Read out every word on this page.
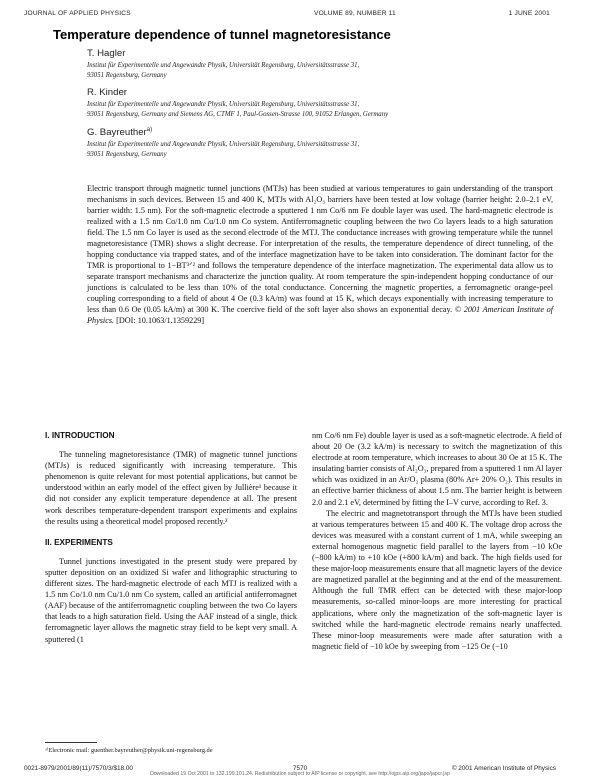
JOURNAL OF APPLIED PHYSICS	VOLUME 89, NUMBER 11	1 JUNE 2001
Temperature dependence of tunnel magnetoresistance
T. Hagler
Institut für Experimentelle und Angewandte Physik, Universität Regensburg, Universitätsstrasse 31,
93051 Regensburg, Germany
R. Kinder
Institut für Experimentelle und Angewandte Physik, Universität Regensburg, Universitätsstrasse 31,
93051 Regensburg, Germany and Siemens AG, CTMF 1, Paul-Gossen-Strasse 100, 91052 Erlangen, Germany
G. Bayreuther$^{a)}$
Institut für Experimentelle und Angewandte Physik, Universität Regensburg, Universitätsstrasse 31,
93051 Regensburg, Germany

Electric transport through magnetic tunnel junctions (MTJs) has been studied at various temperatures to gain understanding of the transport mechanisms in such devices. Between 15 and 400 K, MTJs with Al₂O₃ barriers have been tested at low voltage (barrier height: 2.0–2.1 eV, barrier width: 1.5 nm). For the soft-magnetic electrode a sputtered 1 nm Co/6 nm Fe double layer was used. The hard-magnetic electrode is realized with a 1.5 nm Co/1.0 nm Cu/1.0 nm Co system. Antiferromagnetic coupling between the two Co layers leads to a high saturation field. The 1.5 nm Co layer is used as the second electrode of the MTJ. The conductance increases with growing temperature while the tunnel magnetoresistance (TMR) shows a slight decrease. For interpretation of the results, the temperature dependence of direct tunneling, of the hopping conductance via trapped states, and of the interface magnetization have to be taken into consideration. The dominant factor for the TMR is proportional to 1−BT³ᐟ² and follows the temperature dependence of the interface magnetization. The experimental data allow us to separate transport mechanisms and characterize the junction quality. At room temperature the spin-independent hopping conductance of our junctions is calculated to be less than 10% of the total conductance. Concerning the magnetic properties, a ferromagnetic orange-peel coupling corresponding to a field of about 4 Oe (0.3 kA/m) was found at 15 K, which decays exponentially with increasing temperature to less than 0.6 Oe (0.05 kA/m) at 300 K. The coercive field of the soft layer also shows an exponential decay. © 2001 American Institute of Physics. [DOI: 10.1063/1.1359229]

I. INTRODUCTION

The tunneling magnetoresistance (TMR) of magnetic tunnel junctions (MTJs) is reduced significantly with increasing temperature. This phenomenon is quite relevant for most potential applications, but cannot be understood within an early model of the effect given by Jullière¹ because it did not consider any explicit temperature dependence at all. The present work describes temperature-dependent transport experiments and explains the results using a theoretical model proposed recently.²

II. EXPERIMENTS

Tunnel junctions investigated in the present study were prepared by sputter deposition on an oxidized Si wafer and lithographic structuring to different sizes. The hard-magnetic electrode of each MTJ is realized with a 1.5 nm Co/1.0 nm Cu/1.0 nm Co system, called an artificial antiferromagnet (AAF) because of the antiferromagnetic coupling between the two Co layers that leads to a high saturation field. Using the AAF instead of a single, thick ferromagnetic layer allows the magnetic stray field to be kept very small. A sputtered (1

nm Co/6 nm Fe) double layer is used as a soft-magnetic electrode. A field of about 20 Oe (3.2 kA/m) is necessary to switch the magnetization of this electrode at room temperature, which increases to about 30 Oe at 15 K. The insulating barrier consists of Al₂O₃, prepared from a sputtered 1 nm Al layer which was oxidized in an Ar/O₂ plasma (80% Ar+ 20% O₂). This results in an effective barrier thickness of about 1.5 nm. The barrier height is between 2.0 and 2.1 eV, determined by fitting the I–V curve, according to Ref. 3.

The electric and magnetotransport through the MTJs have been studied at various temperatures between 15 and 400 K. The voltage drop across the devices was measured with a constant current of 1 mA, while sweeping an external homogenous magnetic field parallel to the layers from −10 kOe (−800 kA/m) to +10 kOe (+800 kA/m) and back. The high fields used for these major-loop measurements ensure that all magnetic layers of the device are magnetized parallel at the beginning and at the end of the measurement. Although the full TMR effect can be detected with these major-loop measurements, so-called minor-loops are more interesting for practical applications, where only the magnetization of the soft-magnetic layer is switched while the hard-magnetic electrode remains nearly unaffected. These minor-loop measurements were made after saturation with a magnetic field of −10 kOe by sweeping from −125 Oe (−10

ᵃ⁾Electronic mail: guenther.bayreuther@physik.uni-regensburg.de
0021-8979/2001/89(11)/7570/3/$18.00	7570	© 2001 American Institute of Physics
Downloaded 19 Oct 2001 to 132.199.101.24. Redistribution subject to AIP license or copyright, see http://ojps.aip.org/japo/japcr.jsp
